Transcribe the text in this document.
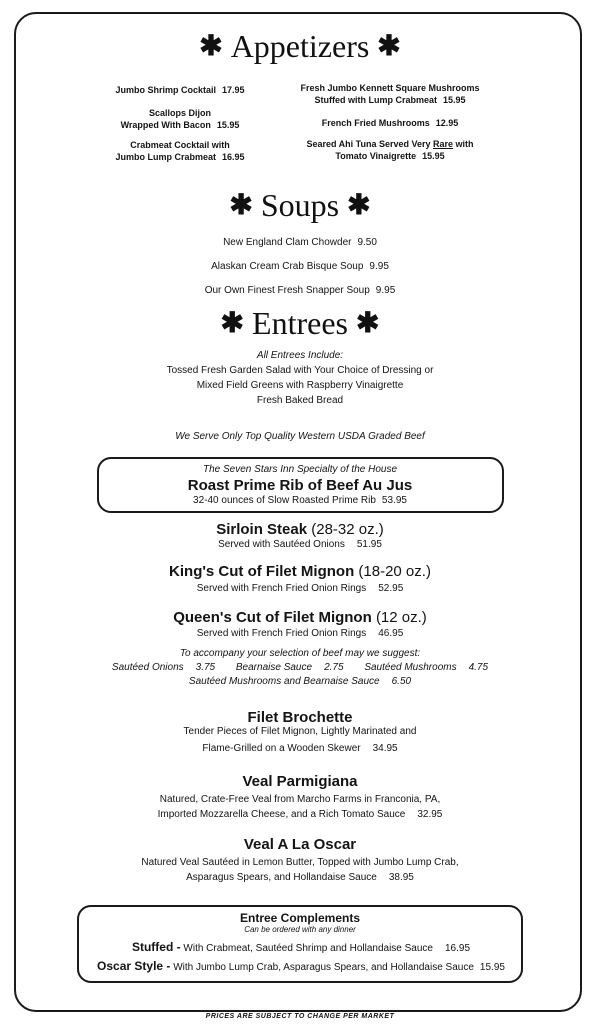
✱ Appetizers ✱
Jumbo Shrimp Cocktail 17.95
Scallops Dijon
Wrapped With Bacon 15.95
Crabmeat Cocktail with
Jumbo Lump Crabmeat 16.95
Fresh Jumbo Kennett Square Mushrooms
Stuffed with Lump Crabmeat 15.95
French Fried Mushrooms 12.95
Seared Ahi Tuna Served Very Rare with
Tomato Vinaigrette 15.95
✱ Soups ✱
New England Clam Chowder 9.50
Alaskan Cream Crab Bisque Soup 9.95
Our Own Finest Fresh Snapper Soup 9.95
✱ Entrees ✱
All Entrees Include:
Tossed Fresh Garden Salad with Your Choice of Dressing or
Mixed Field Greens with Raspberry Vinaigrette
Fresh Baked Bread
We Serve Only Top Quality Western USDA Graded Beef
The Seven Stars Inn Specialty of the House
Roast Prime Rib of Beef Au Jus
32-40 ounces of Slow Roasted Prime Rib 53.95
Sirloin Steak (28-32 oz.)
Served with Sautéed Onions 51.95
King's Cut of Filet Mignon (18-20 oz.)
Served with French Fried Onion Rings 52.95
Queen's Cut of Filet Mignon (12 oz.)
Served with French Fried Onion Rings 46.95
To accompany your selection of beef may we suggest:
Sautéed Onions 3.75 Bearnaise Sauce 2.75 Sautéed Mushrooms 4.75
Sautéed Mushrooms and Bearnaise Sauce 6.50
Filet Brochette
Tender Pieces of Filet Mignon, Lightly Marinated and
Flame-Grilled on a Wooden Skewer 34.95
Veal Parmigiana
Natured, Crate-Free Veal from Marcho Farms in Franconia, PA,
Imported Mozzarella Cheese, and a Rich Tomato Sauce 32.95
Veal A La Oscar
Natured Veal Sautéed in Lemon Butter, Topped with Jumbo Lump Crab,
Asparagus Spears, and Hollandaise Sauce 38.95
Entree Complements
Can be ordered with any dinner
Stuffed - With Crabmeat, Sautéed Shrimp and Hollandaise Sauce 16.95
Oscar Style - With Jumbo Lump Crab, Asparagus Spears, and Hollandaise Sauce 15.95
PRICES ARE SUBJECT TO CHANGE PER MARKET
